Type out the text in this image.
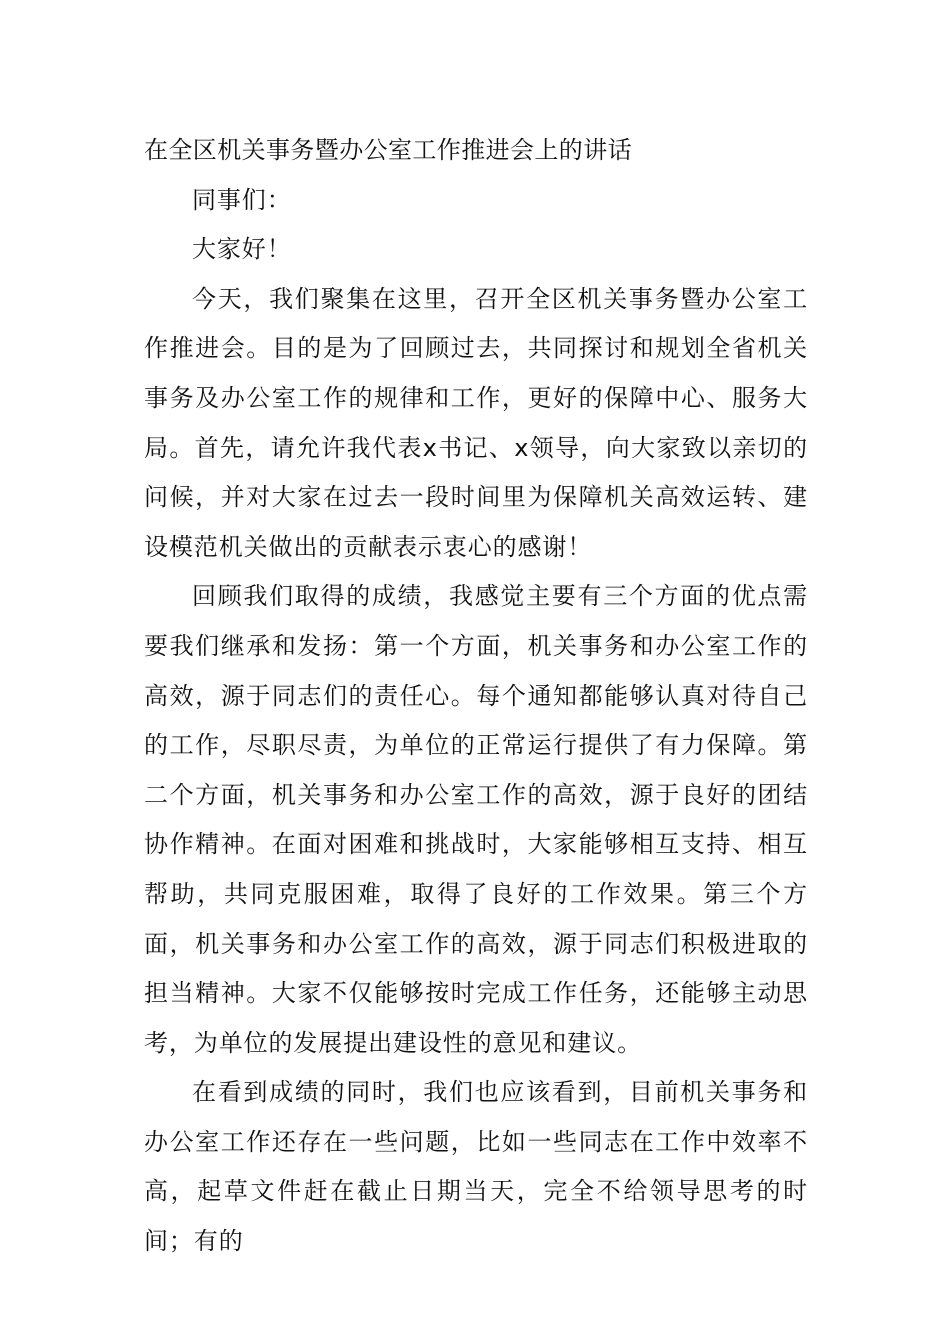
在全区机关事务暨办公室工作推进会上的讲话

同事们：

大家好！

今天，我们聚集在这里，召开全区机关事务暨办公室工作推进会。目的是为了回顾过去，共同探讨和规划全省机关事务及办公室工作的规律和工作，更好的保障中心、服务大局。首先，请允许我代表x书记、x领导，向大家致以亲切的问候，并对大家在过去一段时间里为保障机关高效运转、建设模范机关做出的贡献表示衷心的感谢！

回顾我们取得的成绩，我感觉主要有三个方面的优点需要我们继承和发扬：第一个方面，机关事务和办公室工作的高效，源于同志们的责任心。每个通知都能够认真对待自己的工作，尽职尽责，为单位的正常运行提供了有力保障。第二个方面，机关事务和办公室工作的高效，源于良好的团结协作精神。在面对困难和挑战时，大家能够相互支持、相互帮助，共同克服困难，取得了良好的工作效果。第三个方面，机关事务和办公室工作的高效，源于同志们积极进取的担当精神。大家不仅能够按时完成工作任务，还能够主动思考，为单位的发展提出建设性的意见和建议。

在看到成绩的同时，我们也应该看到，目前机关事务和办公室工作还存在一些问题，比如一些同志在工作中效率不高，起草文件赶在截止日期当天，完全不给领导思考的时间；有的
